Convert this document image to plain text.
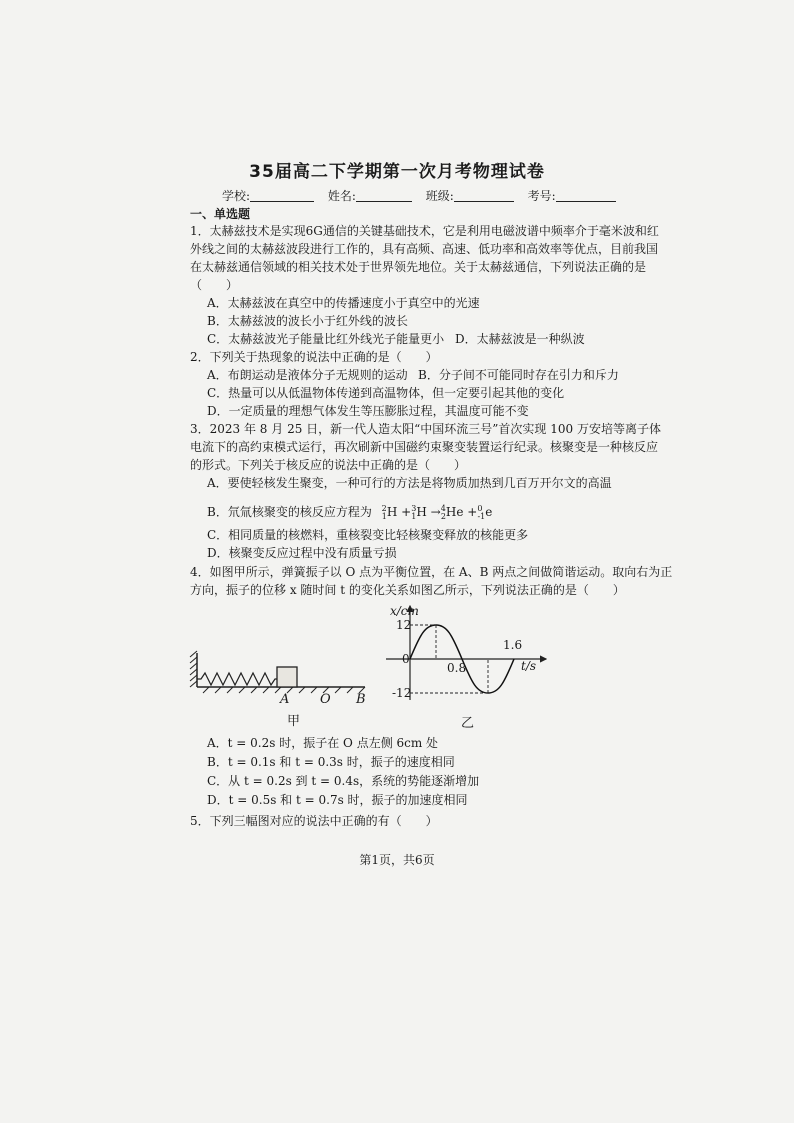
35届高二下学期第一次月考物理试卷
学校:	姓名:	班级:	考号:
一、单选题
1．太赫兹技术是实现6G通信的关键基础技术，它是利用电磁波谱中频率介于毫米波和红
外线之间的太赫兹波段进行工作的，具有高频、高速、低功率和高效率等优点，目前我国
在太赫兹通信领域的相关技术处于世界领先地位。关于太赫兹通信，下列说法正确的是
（　　）
A．太赫兹波在真空中的传播速度小于真空中的光速
B．太赫兹波的波长小于红外线的波长
C．太赫兹波光子能量比红外线光子能量更小 D．太赫兹波是一种纵波
2．下列关于热现象的说法中正确的是（　　）
A．布朗运动是液体分子无规则的运动 B．分子间不可能同时存在引力和斥力
C．热量可以从低温物体传递到高温物体，但一定要引起其他的变化
D．一定质量的理想气体发生等压膨胀过程，其温度可能不变
3．2023 年 8 月 25 日，新一代人造太阳“中国环流三号”首次实现 100 万安培等离子体
电流下的高约束模式运行，再次刷新中国磁约束聚变装置运行纪录。核聚变是一种核反应
的形式。下列关于核反应的说法中正确的是（　　）
A．要使轻核发生聚变，一种可行的方法是将物质加热到几百万开尔文的高温
B．氘氚核聚变的核反应方程为 $^2_1$H +$^3_1$H →$^4_2$He +$^0_{-1}$e
C．相同质量的核燃料，重核裂变比轻核聚变释放的核能更多
D．核聚变反应过程中没有质量亏损
4．如图甲所示，弹簧振子以 O 点为平衡位置，在 A、B 两点之间做简谐运动。取向右为正
方向，振子的位移 x 随时间 t 的变化关系如图乙所示，下列说法正确的是（　　）
A O B
甲
x/cm
12
0
-12
0.8
1.6
t/s
乙
A．t = 0.2s 时，振子在 O 点左侧 6cm 处
B．t = 0.1s 和 t = 0.3s 时，振子的速度相同
C．从 t = 0.2s 到 t = 0.4s，系统的势能逐渐增加
D．t = 0.5s 和 t = 0.7s 时，振子的加速度相同
5．下列三幅图对应的说法中正确的有（　　）
第1页，共6页
